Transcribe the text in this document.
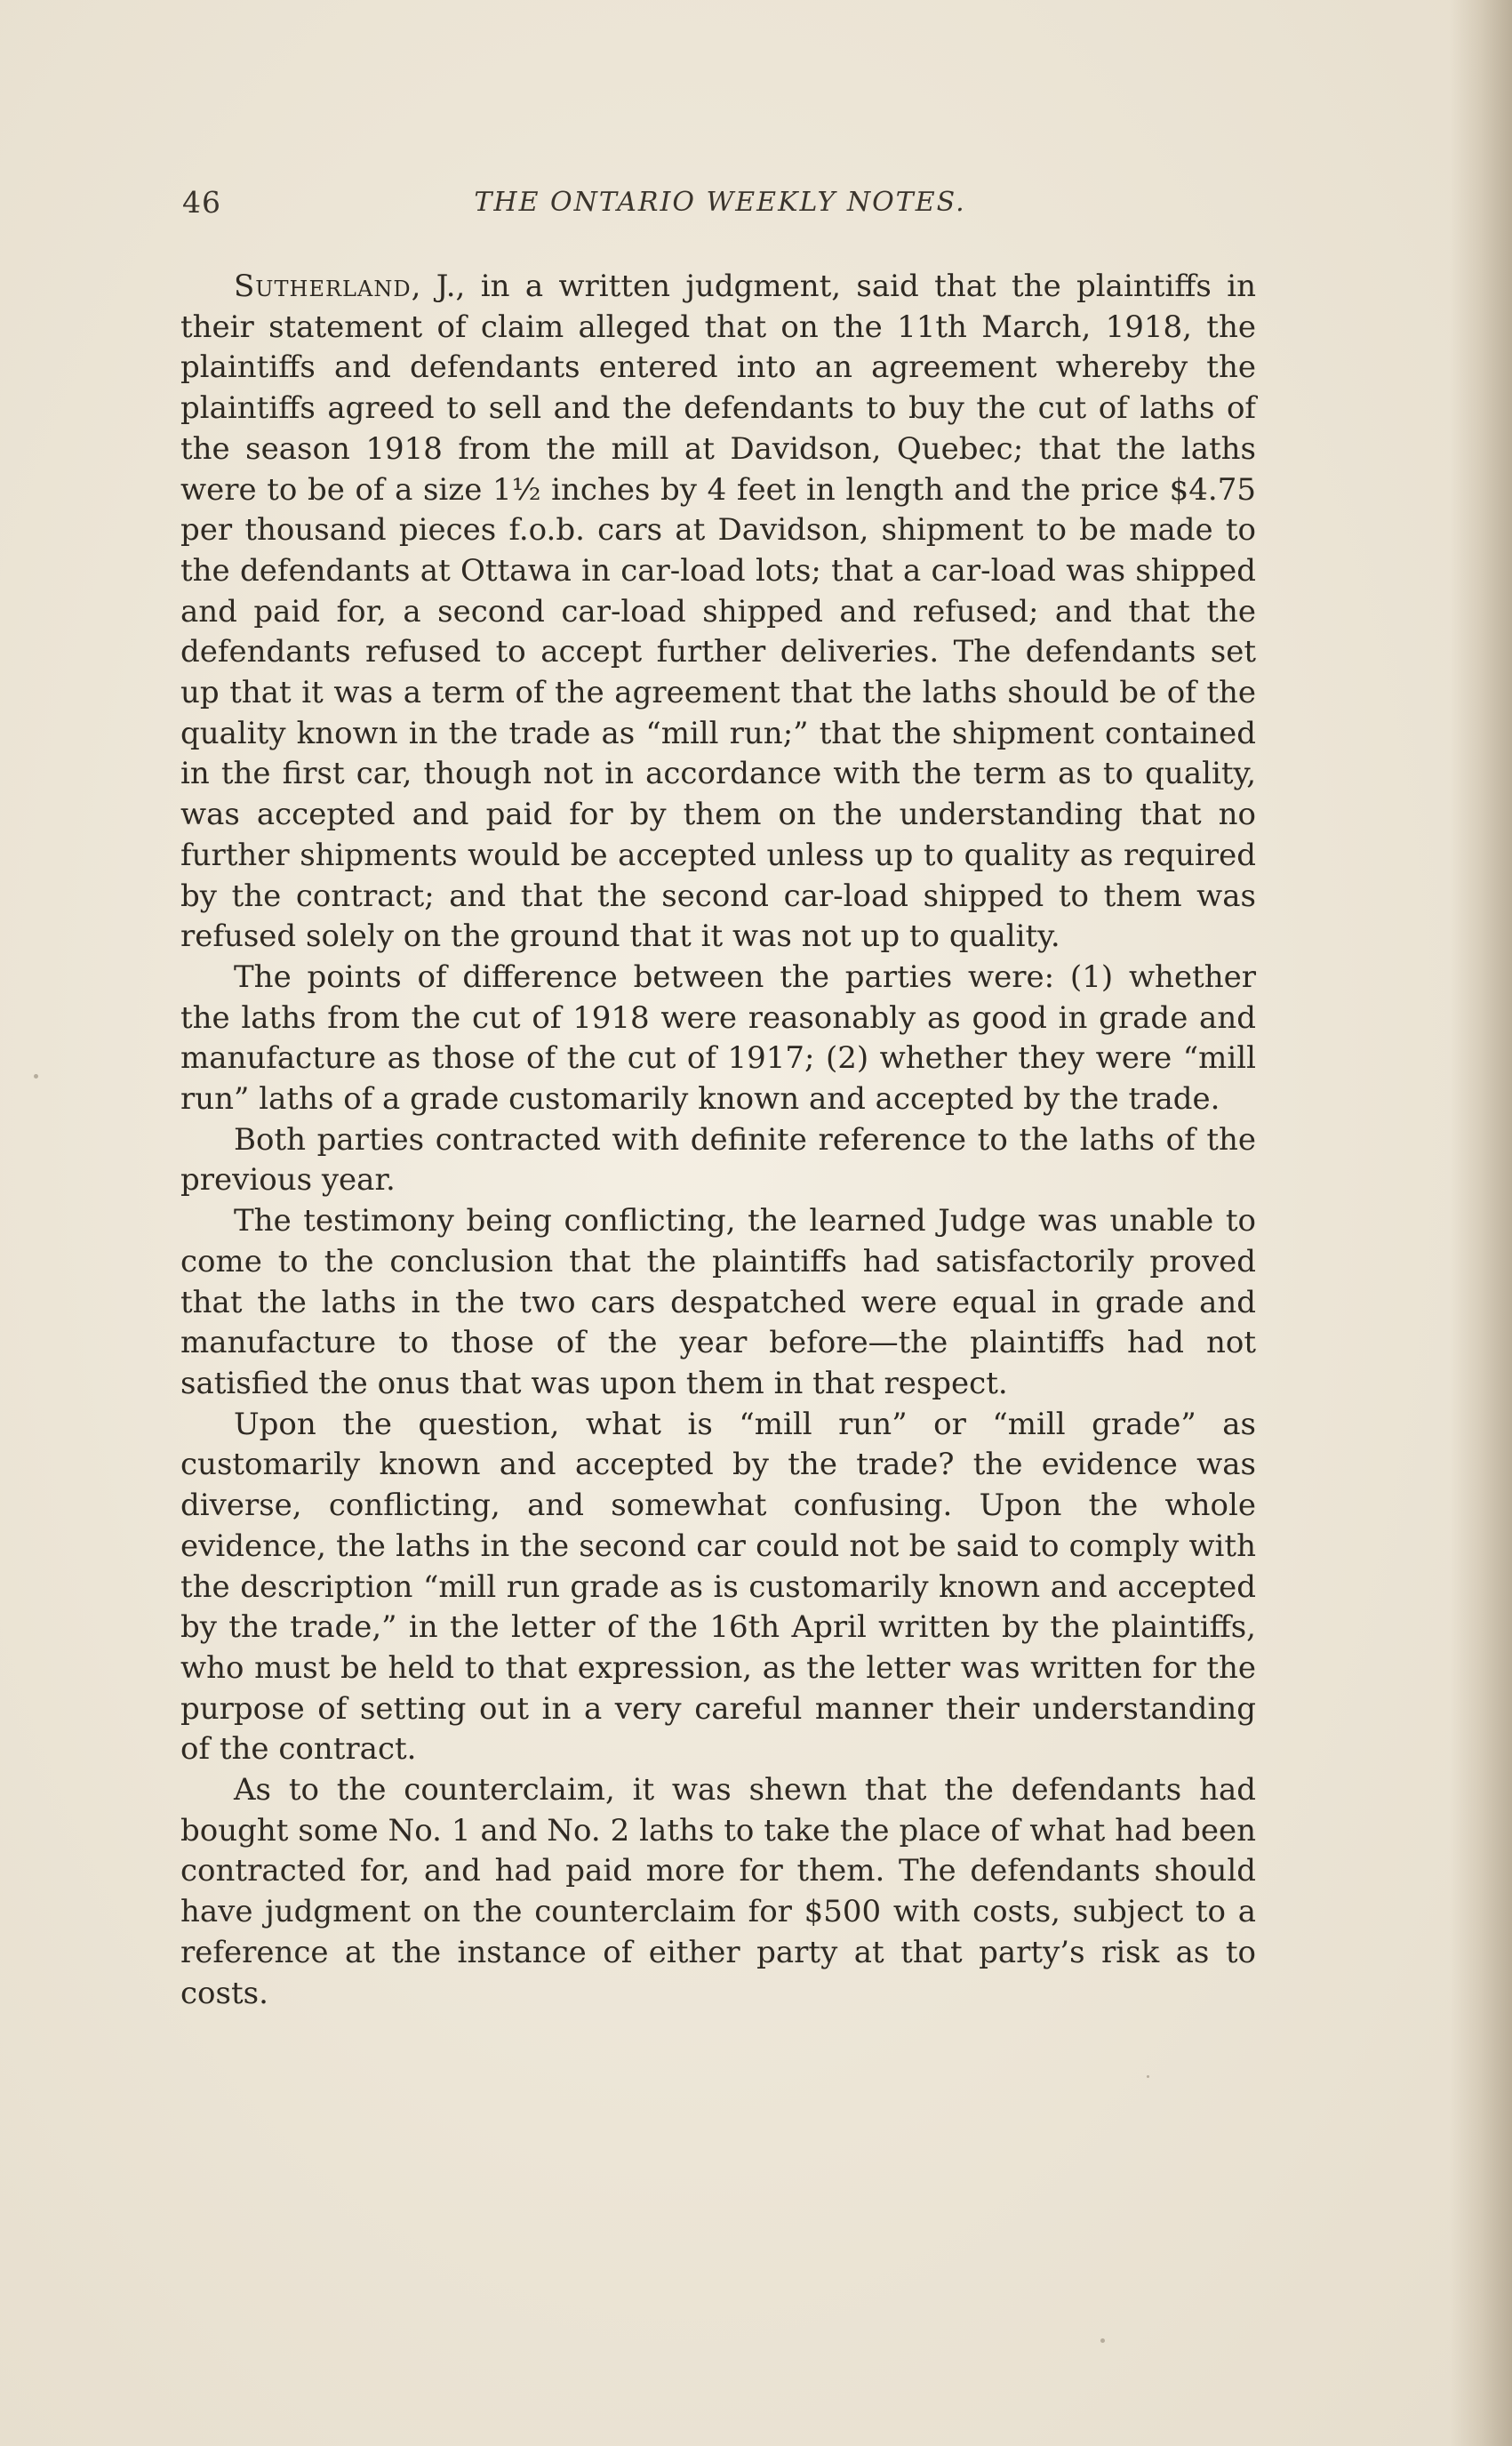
46	THE ONTARIO WEEKLY NOTES.

Sutherland, J., in a written judgment, said that the plaintiffs in their statement of claim alleged that on the 11th March, 1918, the plaintiffs and defendants entered into an agreement whereby the plaintiffs agreed to sell and the defendants to buy the cut of laths of the season 1918 from the mill at Davidson, Quebec; that the laths were to be of a size 1½ inches by 4 feet in length and the price $4.75 per thousand pieces f.o.b. cars at Davidson, shipment to be made to the defendants at Ottawa in car-load lots; that a car-load was shipped and paid for, a second car-load shipped and refused; and that the defendants refused to accept further deliveries. The defendants set up that it was a term of the agreement that the laths should be of the quality known in the trade as “mill run;” that the shipment contained in the first car, though not in accordance with the term as to quality, was accepted and paid for by them on the understanding that no further shipments would be accepted unless up to quality as required by the contract; and that the second car-load shipped to them was refused solely on the ground that it was not up to quality.

The points of difference between the parties were: (1) whether the laths from the cut of 1918 were reasonably as good in grade and manufacture as those of the cut of 1917; (2) whether they were “mill run” laths of a grade customarily known and accepted by the trade.

Both parties contracted with definite reference to the laths of the previous year.

The testimony being conflicting, the learned Judge was unable to come to the conclusion that the plaintiffs had satisfactorily proved that the laths in the two cars despatched were equal in grade and manufacture to those of the year before—the plaintiffs had not satisfied the onus that was upon them in that respect.

Upon the question, what is “mill run” or “mill grade” as customarily known and accepted by the trade? the evidence was diverse, conflicting, and somewhat confusing. Upon the whole evidence, the laths in the second car could not be said to comply with the description “mill run grade as is customarily known and accepted by the trade,” in the letter of the 16th April written by the plaintiffs, who must be held to that expression, as the letter was written for the purpose of setting out in a very careful manner their understanding of the contract.

As to the counterclaim, it was shewn that the defendants had bought some No. 1 and No. 2 laths to take the place of what had been contracted for, and had paid more for them. The defendants should have judgment on the counterclaim for $500 with costs, subject to a reference at the instance of either party at that party’s risk as to costs.
